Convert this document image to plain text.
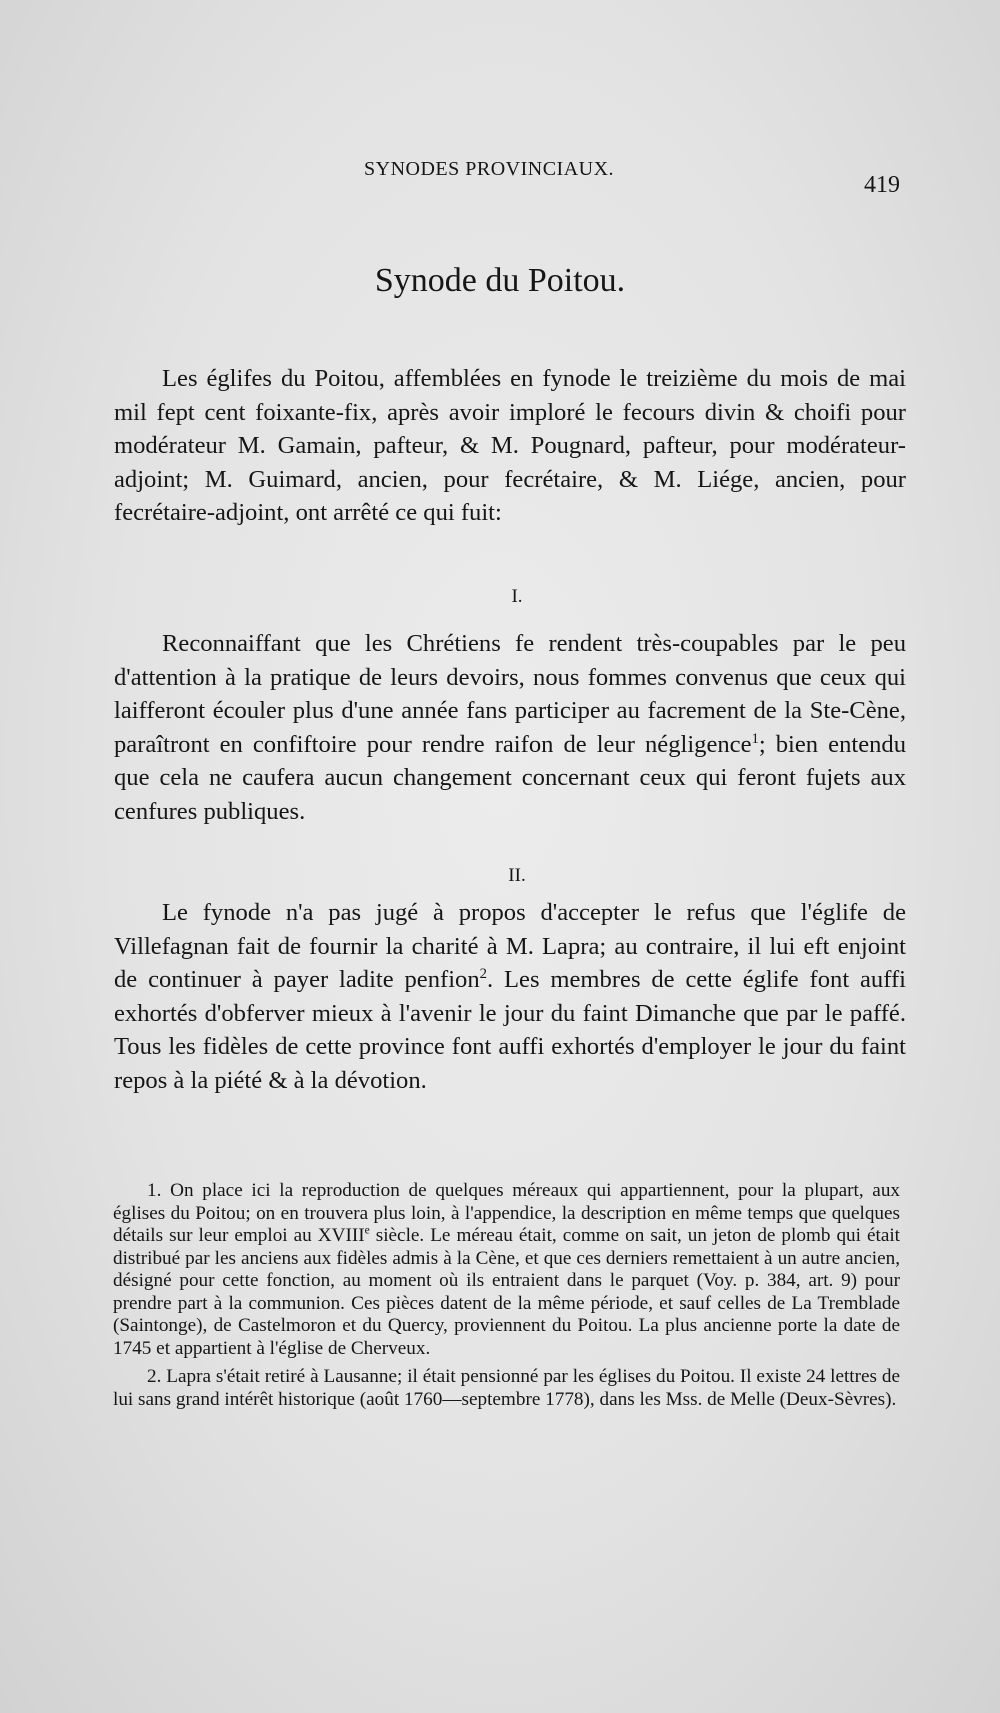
SYNODES PROVINCIAUX.
419
Synode du Poitou.

Les églifes du Poitou, affemblées en fynode le treizième du mois de mai mil fept cent foixante-fix, après avoir imploré le fecours divin & choifi pour modérateur M. Gamain, pafteur, & M. Pougnard, pafteur, pour modérateur-adjoint; M. Guimard, ancien, pour fecrétaire, & M. Liége, ancien, pour fecrétaire-adjoint, ont arrêté ce qui fuit:

I.

Reconnaiffant que les Chrétiens fe rendent très-coupables par le peu d'attention à la pratique de leurs devoirs, nous fommes convenus que ceux qui laifferont écouler plus d'une année fans participer au facrement de la Ste-Cène, paraîtront en confiftoire pour rendre raifon de leur négligence$^1$; bien entendu que cela ne caufera aucun changement concernant ceux qui feront fujets aux cenfures publiques.

II.

Le fynode n'a pas jugé à propos d'accepter le refus que l'églife de Villefagnan fait de fournir la charité à M. Lapra; au contraire, il lui eft enjoint de continuer à payer ladite penfion$^2$. Les membres de cette églife font auffi exhortés d'obferver mieux à l'avenir le jour du faint Dimanche que par le paffé. Tous les fidèles de cette province font auffi exhortés d'employer le jour du faint repos à la piété & à la dévotion.

1. On place ici la reproduction de quelques méreaux qui appartiennent, pour la plupart, aux églises du Poitou; on en trouvera plus loin, à l'appendice, la description en même temps que quelques détails sur leur emploi au XVIIIe siècle. Le méreau était, comme on sait, un jeton de plomb qui était distribué par les anciens aux fidèles admis à la Cène, et que ces derniers remettaient à un autre ancien, désigné pour cette fonction, au moment où ils entraient dans le parquet (Voy. p. 384, art. 9) pour prendre part à la communion. Ces pièces datent de la même période, et sauf celles de La Tremblade (Saintonge), de Castelmoron et du Quercy, proviennent du Poitou. La plus ancienne porte la date de 1745 et appartient à l'église de Cherveux.

2. Lapra s'était retiré à Lausanne; il était pensionné par les églises du Poitou. Il existe 24 lettres de lui sans grand intérêt historique (août 1760—septembre 1778), dans les Mss. de Melle (Deux-Sèvres).
